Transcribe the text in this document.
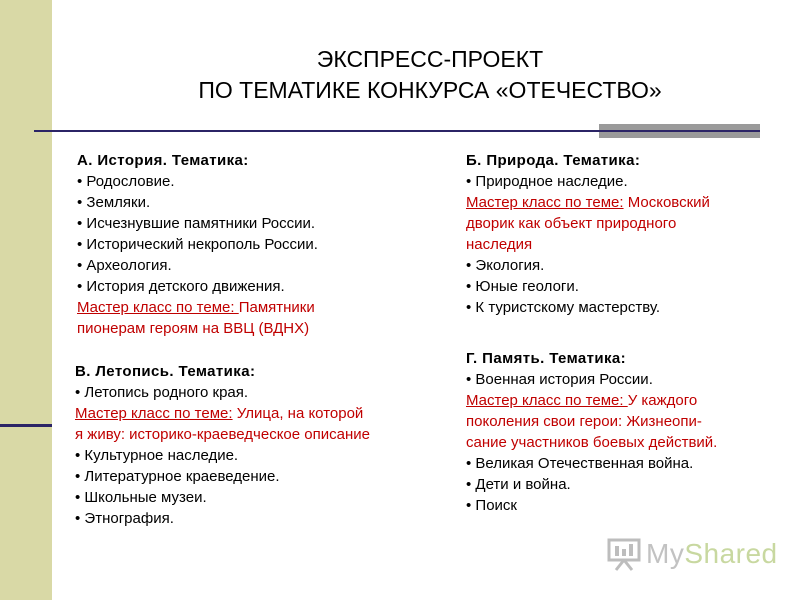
ЭКСПРЕСС-ПРОЕКТ
ПО ТЕМАТИКЕ КОНКУРСА «ОТЕЧЕСТВО»
А. История. Тематика:
• Родословие.
• Земляки.
• Исчезнувшие памятники России.
• Исторический некрополь России.
• Археология.
• История детского движения.
Мастер класс по теме: Памятники
пионерам героям на ВВЦ (ВДНХ)
Б. Природа. Тематика:
• Природное наследие.
Мастер класс по теме: Московский
дворик как объект природного
наследия
• Экология.
• Юные геологи.
• К туристскому мастерству.
В. Летопись. Тематика:
• Летопись родного края.
Мастер класс по теме: Улица, на которой
я живу: историко-краеведческое описание
• Культурное наследие.
• Литературное краеведение.
• Школьные музеи.
• Этнография.
Г. Память. Тематика:
• Военная история России.
Мастер класс по теме: У каждого
поколения свои герои: Жизнеопи-
сание участников боевых действий.
• Великая Отечественная война.
• Дети и война.
• Поиск
MyShared
